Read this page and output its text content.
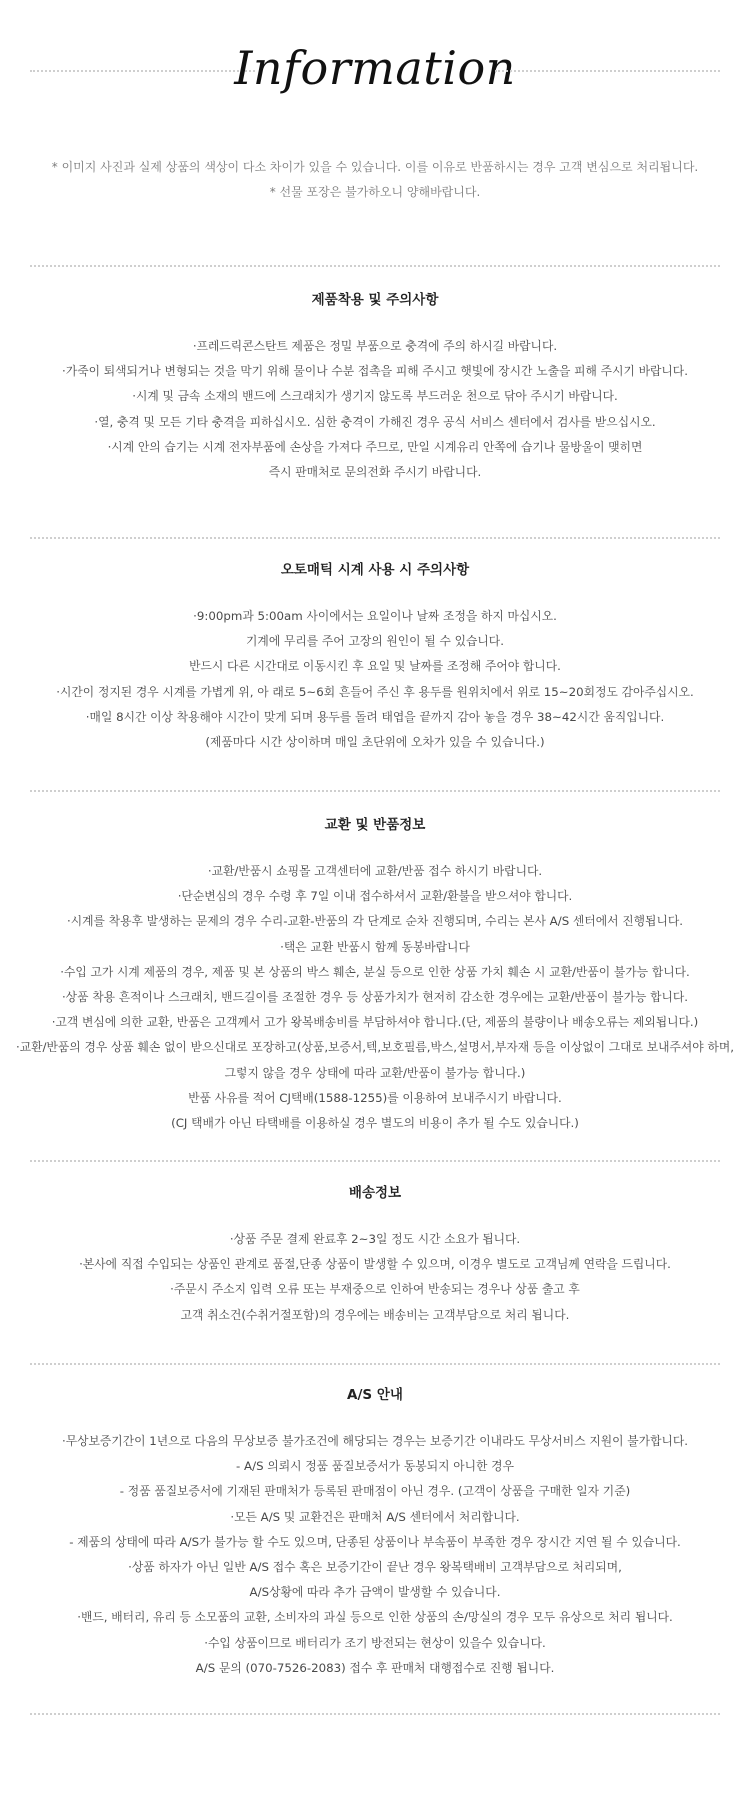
Information
* 이미지 사진과 실제 상품의 색상이 다소 차이가 있을 수 있습니다. 이를 이유로 반품하시는 경우 고객 변심으로 처리됩니다.
* 선물 포장은 불가하오니 양해바랍니다.
제품착용 및 주의사항
·프레드릭콘스탄트 제품은 정밀 부품으로 충격에 주의 하시길 바랍니다.
·가죽이 퇴색되거나 변형되는 것을 막기 위해 물이나 수분 접촉을 피해 주시고 햇빛에 장시간 노출을 피해 주시기 바랍니다.
·시계 및 금속 소재의 밴드에 스크래치가 생기지 않도록 부드러운 천으로 닦아 주시기 바랍니다.
·열, 충격 및 모든 기타 충격을 피하십시오. 심한 충격이 가해진 경우 공식 서비스 센터에서 검사를 받으십시오.
·시계 안의 습기는 시계 전자부품에 손상을 가져다 주므로, 만일 시계유리 안쪽에 습기나 물방울이 맺히면
즉시 판매처로 문의전화 주시기 바랍니다.
오토매틱 시계 사용 시 주의사항
·9:00pm과 5:00am 사이에서는 요일이나 날짜 조정을 하지 마십시오.
기계에 무리를 주어 고장의 원인이 될 수 있습니다.
반드시 다른 시간대로 이동시킨 후 요일 및 날짜를 조정해 주어야 합니다.
·시간이 정지된 경우 시계를 가볍게 위, 아 래로 5~6회 흔들어 주신 후 용두를 원위치에서 위로 15~20회정도 감아주십시오.
·매일 8시간 이상 착용해야 시간이 맞게 되며 용두를 돌려 태엽을 끝까지 감아 놓을 경우 38~42시간 움직입니다.
(제품마다 시간 상이하며 매일 초단위에 오차가 있을 수 있습니다.)
교환 및 반품정보
·교환/반품시 쇼핑몰 고객센터에 교환/반품 접수 하시기 바랍니다.
·단순변심의 경우 수령 후 7일 이내 접수하셔서 교환/환불을 받으셔야 합니다.
·시계를 착용후 발생하는 문제의 경우 수리-교환-반품의 각 단계로 순차 진행되며, 수리는 본사 A/S 센터에서 진행됩니다.
·택은 교환 반품시 함께 동봉바랍니다
·수입 고가 시계 제품의 경우, 제품 및 본 상품의 박스 훼손, 분실 등으로 인한 상품 가치 훼손 시 교환/반품이 불가능 합니다.
·상품 착용 흔적이나 스크래치, 밴드길이를 조절한 경우 등 상품가치가 현저히 감소한 경우에는 교환/반품이 불가능 합니다.
·고객 변심에 의한 교환, 반품은 고객께서 고가 왕복배송비를 부담하셔야 합니다.(단, 제품의 불량이나 배송오류는 제외됩니다.)
·교환/반품의 경우 상품 훼손 없이 받으신대로 포장하고(상품,보증서,텍,보호필름,박스,설명서,부자재 등을 이상없이 그대로 보내주셔야 하며,
그렇지 않을 경우 상태에 따라 교환/반품이 불가능 합니다.)
반품 사유를 적어 CJ택배(1588-1255)를 이용하여 보내주시기 바랍니다.
(CJ 택배가 아닌 타택배를 이용하실 경우 별도의 비용이 추가 될 수도 있습니다.)
배송정보
·상품 주문 결제 완료후 2~3일 정도 시간 소요가 됩니다.
·본사에 직접 수입되는 상품인 관계로 품절,단종 상품이 발생할 수 있으며, 이경우 별도로 고객님께 연락을 드립니다.
·주문시 주소지 입력 오류 또는 부재중으로 인하여 반송되는 경우나 상품 출고 후
고객 취소건(수취거절포함)의 경우에는 배송비는 고객부담으로 처리 됩니다.
A/S 안내
·무상보증기간이 1년으로 다음의 무상보증 불가조건에 해당되는 경우는 보증기간 이내라도 무상서비스 지원이 불가합니다.
- A/S 의뢰시 정품 품질보증서가 동봉되지 아니한 경우
- 정품 품질보증서에 기재된 판매처가 등록된 판매점이 아닌 경우. (고객이 상품을 구매한 일자 기준)
·모든 A/S 및 교환건은 판매처 A/S 센터에서 처리합니다.
- 제품의 상태에 따라 A/S가 불가능 할 수도 있으며, 단종된 상품이나 부속품이 부족한 경우 장시간 지연 될 수 있습니다.
·상품 하자가 아닌 일반 A/S 접수 혹은 보증기간이 끝난 경우 왕복택배비 고객부담으로 처리되며,
A/S상황에 따라 추가 금액이 발생할 수 있습니다.
·밴드, 배터리, 유리 등 소모품의 교환, 소비자의 과실 등으로 인한 상품의 손/망실의 경우 모두 유상으로 처리 됩니다.
·수입 상품이므로 배터리가 조기 방전되는 현상이 있을수 있습니다.
A/S 문의 (070-7526-2083) 접수 후 판매처 대행접수로 진행 됩니다.
